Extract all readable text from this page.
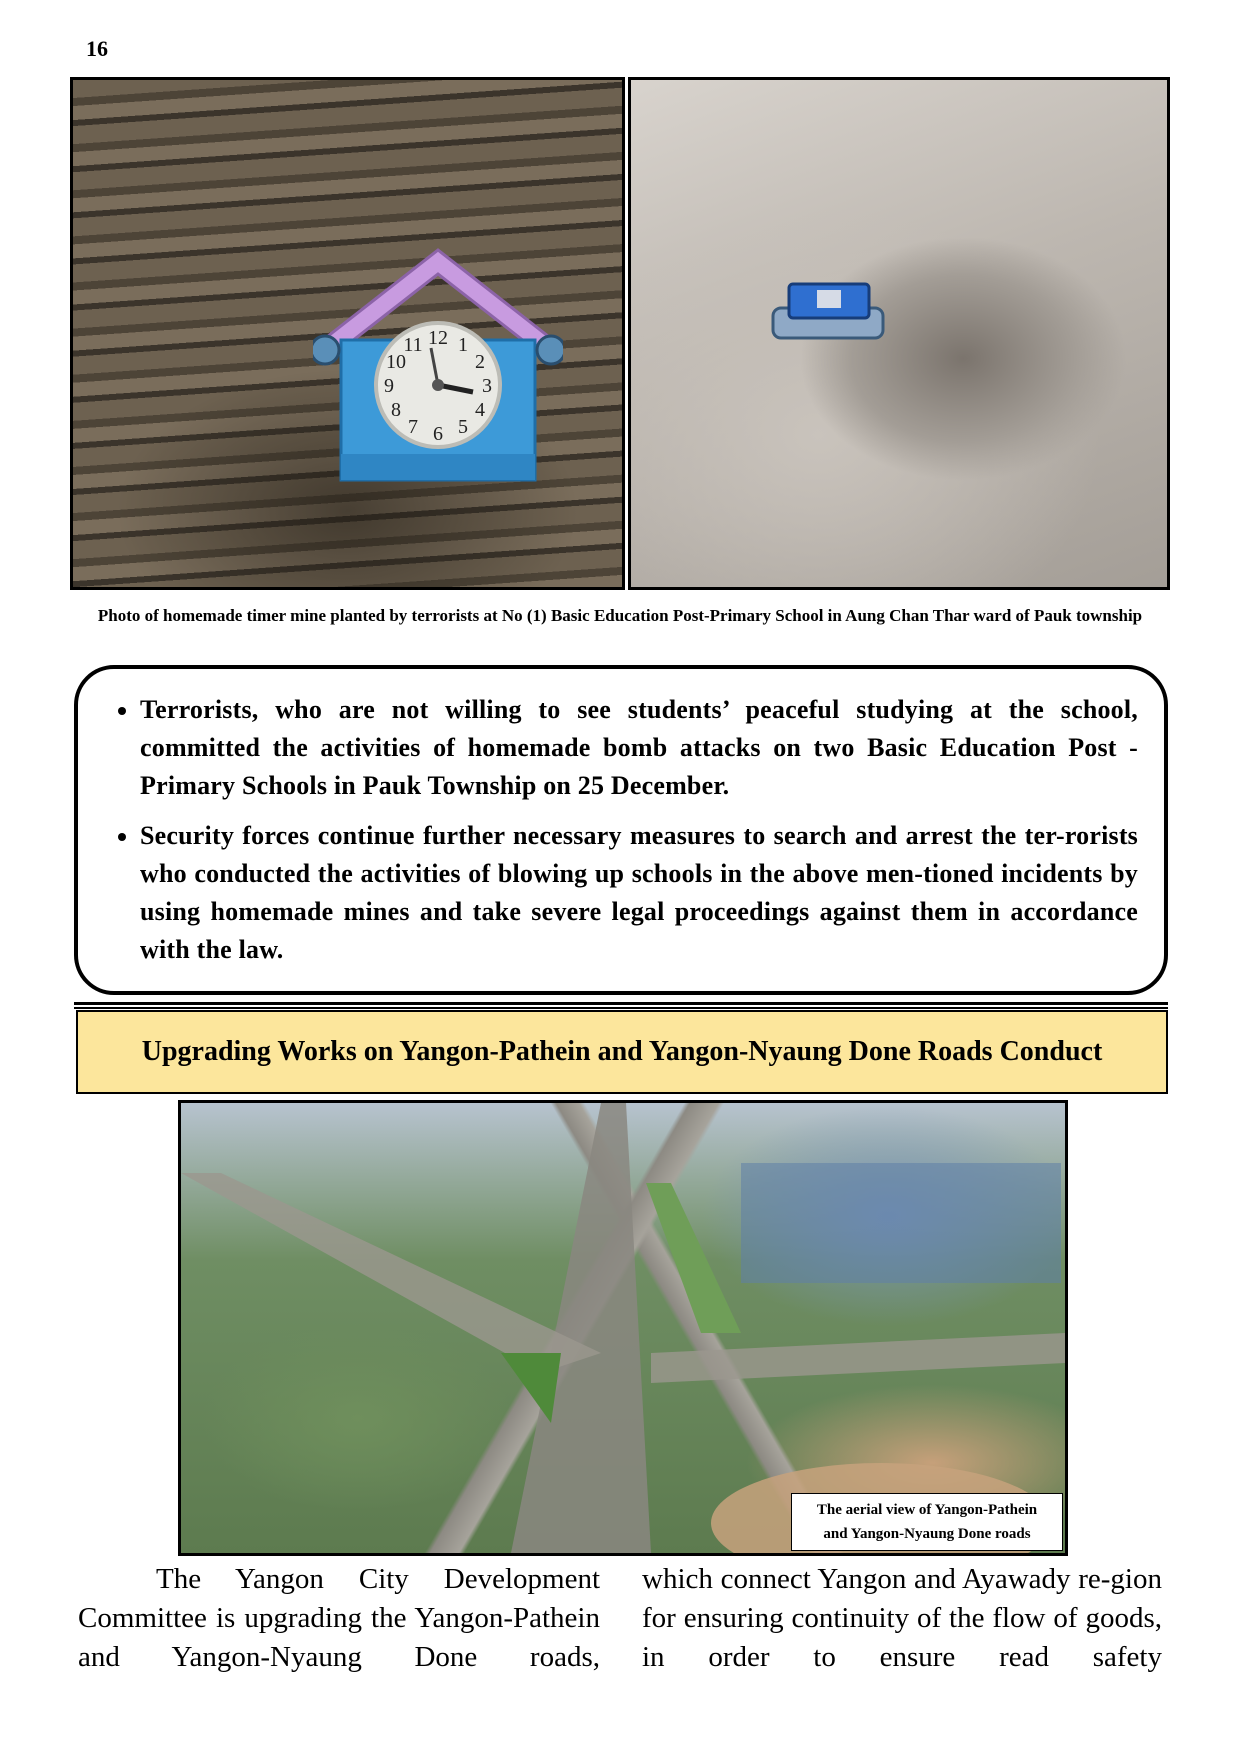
16
12 1
2
3
4
5
6
7
8
9
10
11
Photo of homemade timer mine planted by terrorists at No (1) Basic Education Post-Primary School in Aung Chan Thar ward of Pauk township
• Terrorists, who are not willing to see students’ peaceful studying at the school, committed the activities of homemade bomb attacks on two Basic Education Post -Primary Schools in Pauk Township on 25 December.
• Security forces continue further necessary measures to search and arrest the ter-rorists who conducted the activities of blowing up schools in the above men-tioned incidents by using homemade mines and take severe legal proceedings against them in accordance with the law.
Upgrading Works on Yangon-Pathein and Yangon-Nyaung Done Roads Conduct
The aerial view of Yangon-Pathein
and Yangon-Nyaung Done roads
The Yangon City Development Committee is upgrading the Yangon-Pathein and Yangon-Nyaung Done roads,
which connect Yangon and Ayawady re-gion for ensuring continuity of the flow of goods, in order to ensure read safety
